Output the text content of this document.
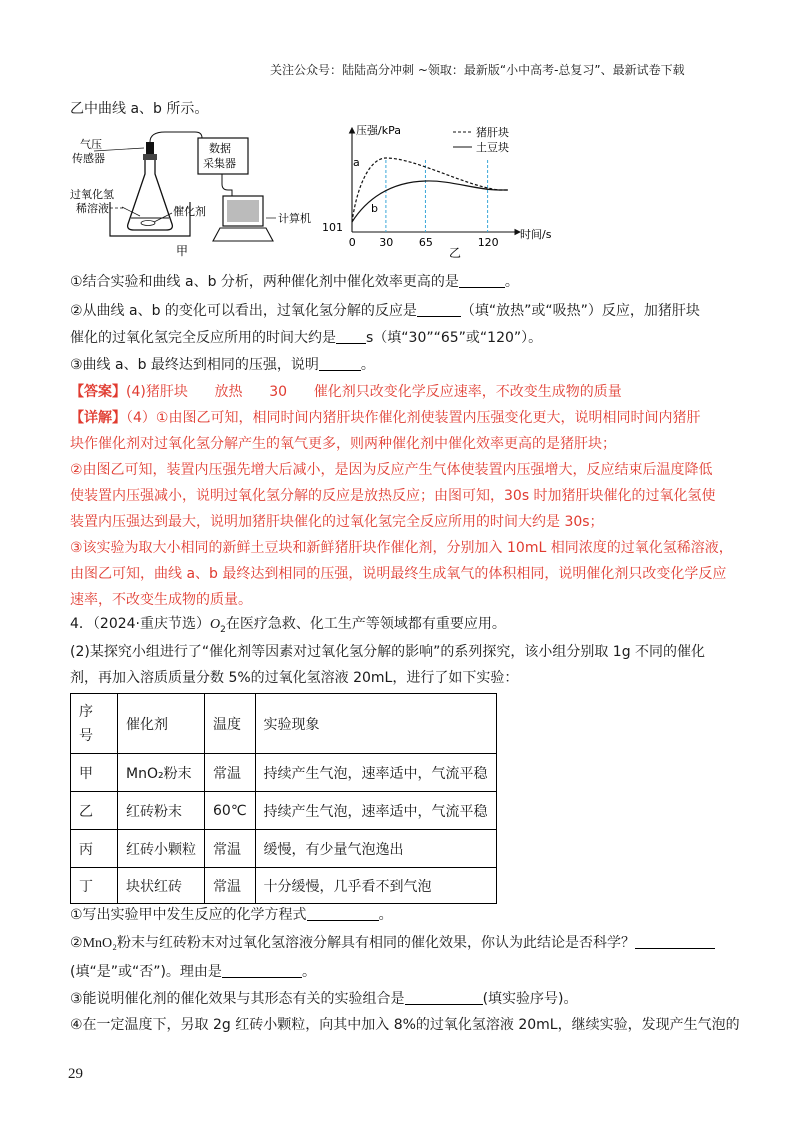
关注公众号：陆陆高分冲刺 ~领取：最新版“小中高考-总复习”、最新试卷下载
乙中曲线 a、b 所示。
气压
传感器
过氧化氢
稀溶液	催化剂
数据
采集器
计算机
甲
压强/kPa
时间/s
101
0 30 65	120
a
b
猪肝块
土豆块
乙
①结合实验和曲线 a、b 分析，两种催化剂中催化效率更高的是	。
②从曲线 a、b 的变化可以看出，过氧化氢分解的反应是	（填“放热”或“吸热”）反应，加猪肝块
催化的过氧化氢完全反应所用的时间大约是 s（填“30”“65”或“120”）。
③曲线 a、b 最终达到相同的压强，说明	。
【答案】(4)猪肝块      放热      30      催化剂只改变化学反应速率，不改变生成物的质量
【详解】（4）①由图乙可知，相同时间内猪肝块作催化剂使装置内压强变化更大，说明相同时间内猪肝
块作催化剂对过氧化氢分解产生的氧气更多，则两种催化剂中催化效率更高的是猪肝块；
②由图乙可知，装置内压强先增大后减小，是因为反应产生气体使装置内压强增大，反应结束后温度降低
使装置内压强减小，说明过氧化氢分解的反应是放热反应；由图可知，30s 时加猪肝块催化的过氧化氢使
装置内压强达到最大，说明加猪肝块催化的过氧化氢完全反应所用的时间大约是 30s；
③该实验为取大小相同的新鲜土豆块和新鲜猪肝块作催化剂，分别加入 10mL 相同浓度的过氧化氢稀溶液，
由图乙可知，曲线 a、b 最终达到相同的压强，说明最终生成氧气的体积相同，说明催化剂只改变化学反应
速率，不改变生成物的质量。
4．（2024·重庆节选）$O_2$在医疗急救、化工生产等领域都有重要应用。
(2)某探究小组进行了“催化剂等因素对过氧化氢分解的影响”的系列探究，该小组分别取 1g 不同的催化
剂，再加入溶质质量分数 5%的过氧化氢溶液 20mL，进行了如下实验：
序号	催化剂	温度	实验现象
甲	MnO₂粉末	常温	持续产生气泡，速率适中，气流平稳
乙	红砖粉末	60℃	持续产生气泡，速率适中，气流平稳
丙	红砖小颗粒	常温	缓慢，有少量气泡逸出
丁	块状红砖	常温	十分缓慢，几乎看不到气泡
①写出实验甲中发生反应的化学方程式	。
②MnO₂粉末与红砖粉末对过氧化氢溶液分解具有相同的催化效果，你认为此结论是否科学？
(填“是”或“否”)。理由是	。
③能说明催化剂的催化效果与其形态有关的实验组合是	(填实验序号)。
④在一定温度下，另取 2g 红砖小颗粒，向其中加入 8%的过氧化氢溶液 20mL，继续实验，发现产生气泡的
29
